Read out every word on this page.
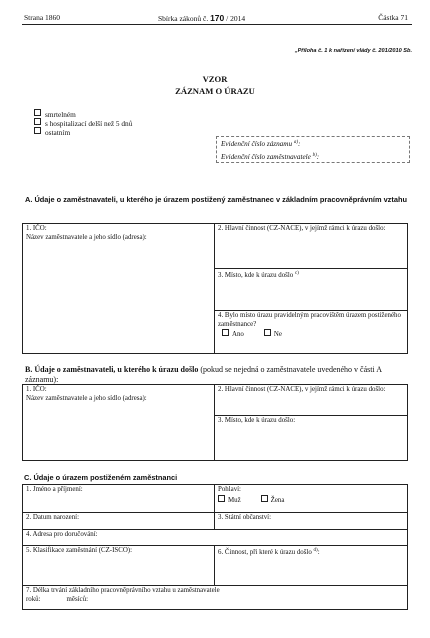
Strana 1860	Sbírka zákonů č. 170 / 2014	Částka 71
„Příloha č. 1 k nařízení vlády č. 201/2010 Sb.
VZOR
ZÁZNAM O ÚRAZU
smrtelném
s hospitalizací delší než 5 dnů
ostatním
Evidenční číslo záznamu $^{a)}$:
Evidenční číslo zaměstnavatele $^{b)}$:
A. Údaje o zaměstnavateli, u kterého je úrazem postižený zaměstnanec v základním pracovněprávním vztahu
1. IČO:
Název zaměstnavatele a jeho sídlo (adresa):

2. Hlavní činnost (CZ-NACE), v jejímž rámci k úrazu došlo:

3. Místo, kde k úrazu došlo $^{c)}$

4. Bylo místo úrazu pravidelným pracovištěm úrazem postiženého zaměstnance?
Ano	Ne
B. Údaje o zaměstnavateli, u kterého k úrazu došlo (pokud se nejedná o zaměstnavatele uvedeného v části A záznamu):
1. IČO:
Název zaměstnavatele a jeho sídlo (adresa):

2. Hlavní činnost (CZ-NACE), v jejímž rámci k úrazu došlo:

3. Místo, kde k úrazu došlo:
C. Údaje o úrazem postiženém zaměstnanci
1. Jméno a příjmení:	Pohlaví:
Muž Žena

2. Datum narození:	3. Státní občanství:

4. Adresa pro doručování:	

5. Klasifikace zaměstnání (CZ-ISCO):	6. Činnost, při které k úrazu došlo $^{d)}$:

7. Délka trvání základního pracovněprávního vztahu u zaměstnavatele
roků: měsíců:	
